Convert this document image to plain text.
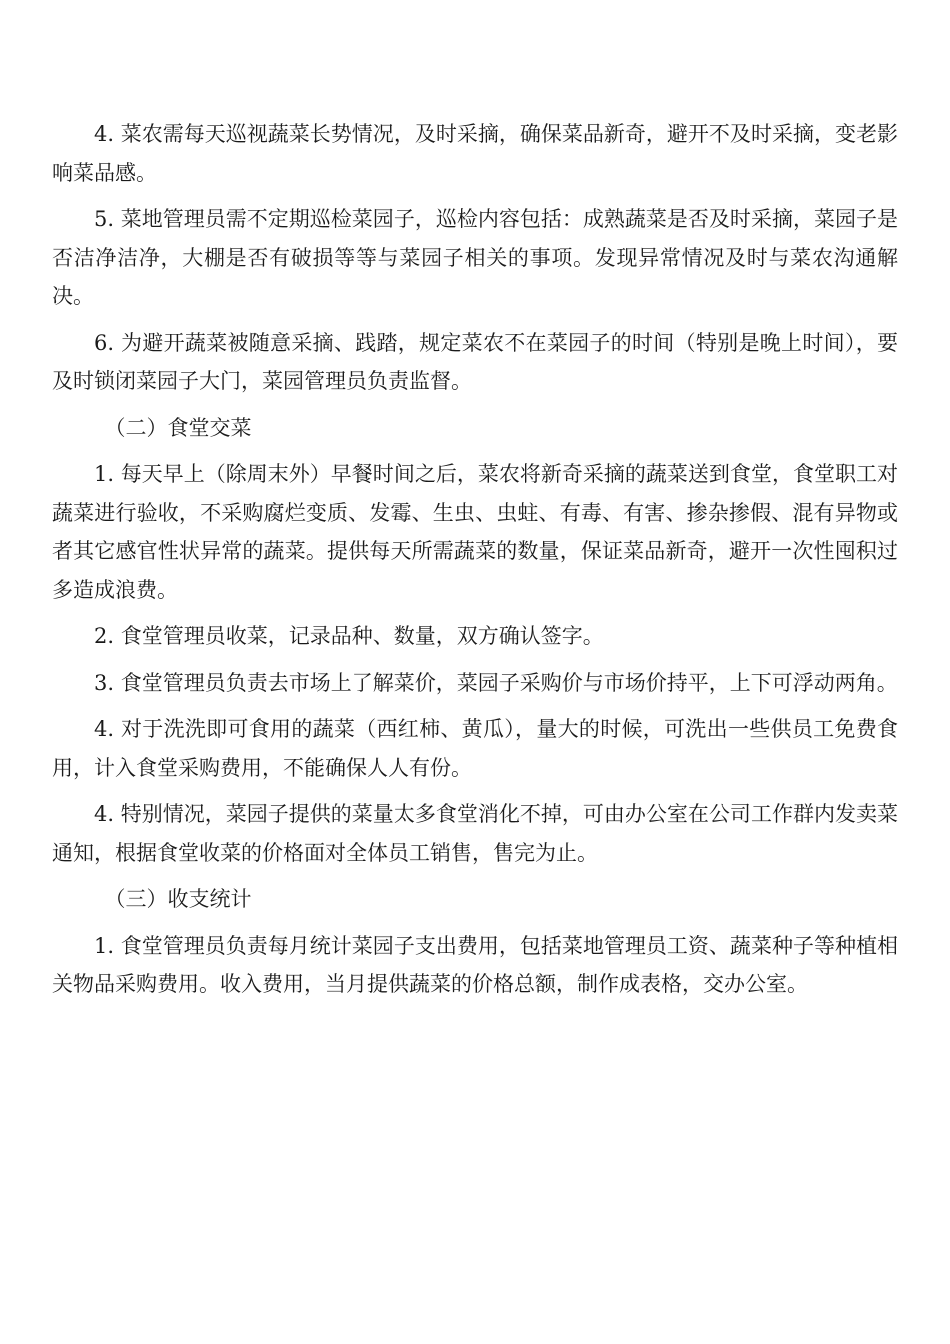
4. 菜农需每天巡视蔬菜长势情况，及时采摘，确保菜品新奇，避开不及时采摘，变老影响菜品感。

5. 菜地管理员需不定期巡检菜园子，巡检内容包括：成熟蔬菜是否及时采摘，菜园子是否洁净洁净，大棚是否有破损等等与菜园子相关的事项。发现异常情况及时与菜农沟通解决。

6. 为避开蔬菜被随意采摘、践踏，规定菜农不在菜园子的时间（特别是晚上时间），要及时锁闭菜园子大门，菜园管理员负责监督。

（二）食堂交菜

1. 每天早上（除周末外）早餐时间之后，菜农将新奇采摘的蔬菜送到食堂，食堂职工对蔬菜进行验收，不采购腐烂变质、发霉、生虫、虫蛀、有毒、有害、掺杂掺假、混有异物或者其它感官性状异常的蔬菜。提供每天所需蔬菜的数量，保证菜品新奇，避开一次性囤积过多造成浪费。

2. 食堂管理员收菜，记录品种、数量，双方确认签字。

3. 食堂管理员负责去市场上了解菜价，菜园子采购价与市场价持平，上下可浮动两角。

4. 对于洗洗即可食用的蔬菜（西红柿、黄瓜），量大的时候，可洗出一些供员工免费食用，计入食堂采购费用，不能确保人人有份。

4. 特别情况，菜园子提供的菜量太多食堂消化不掉，可由办公室在公司工作群内发卖菜通知，根据食堂收菜的价格面对全体员工销售，售完为止。

（三）收支统计

1. 食堂管理员负责每月统计菜园子支出费用，包括菜地管理员工资、蔬菜种子等种植相关物品采购费用。收入费用，当月提供蔬菜的价格总额，制作成表格，交办公室。
